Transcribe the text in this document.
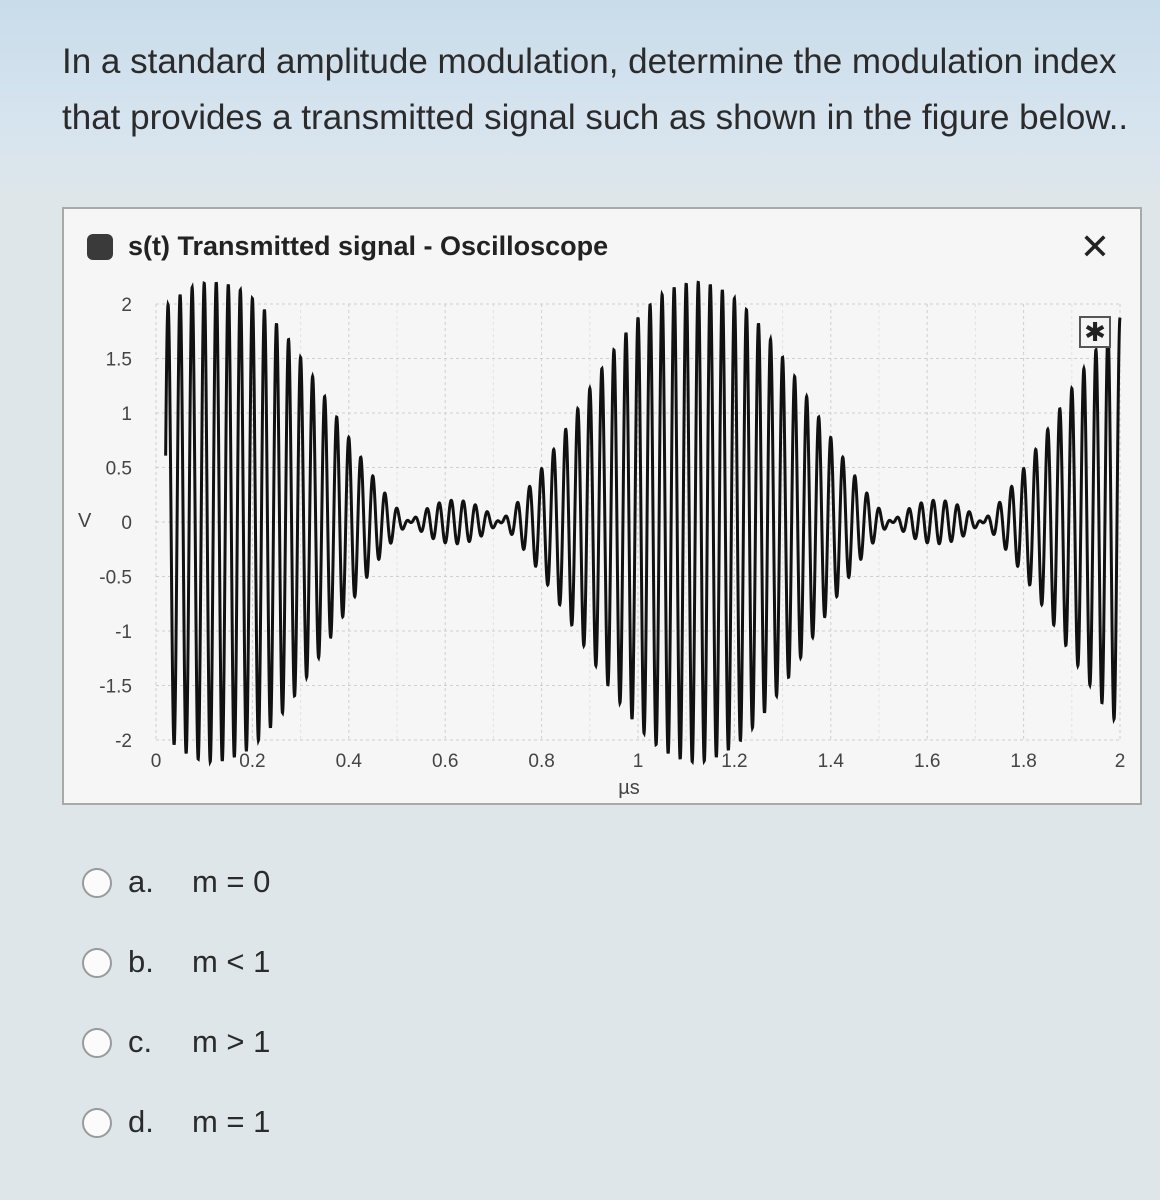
In a standard amplitude modulation, determine the modulation index that provides a transmitted signal such as shown in the figure below..
s(t) Transmitted signal - Oscilloscope	✕
2
1.5
1
0.5
0
-0.5
-1
-1.5
-2
0	0.2	0.4	0.6	0.8	1	1.2	1.4	1.6	1.8	2
V
µs
✱
a. m = 0
b. m < 1
c. m > 1
d. m = 1
